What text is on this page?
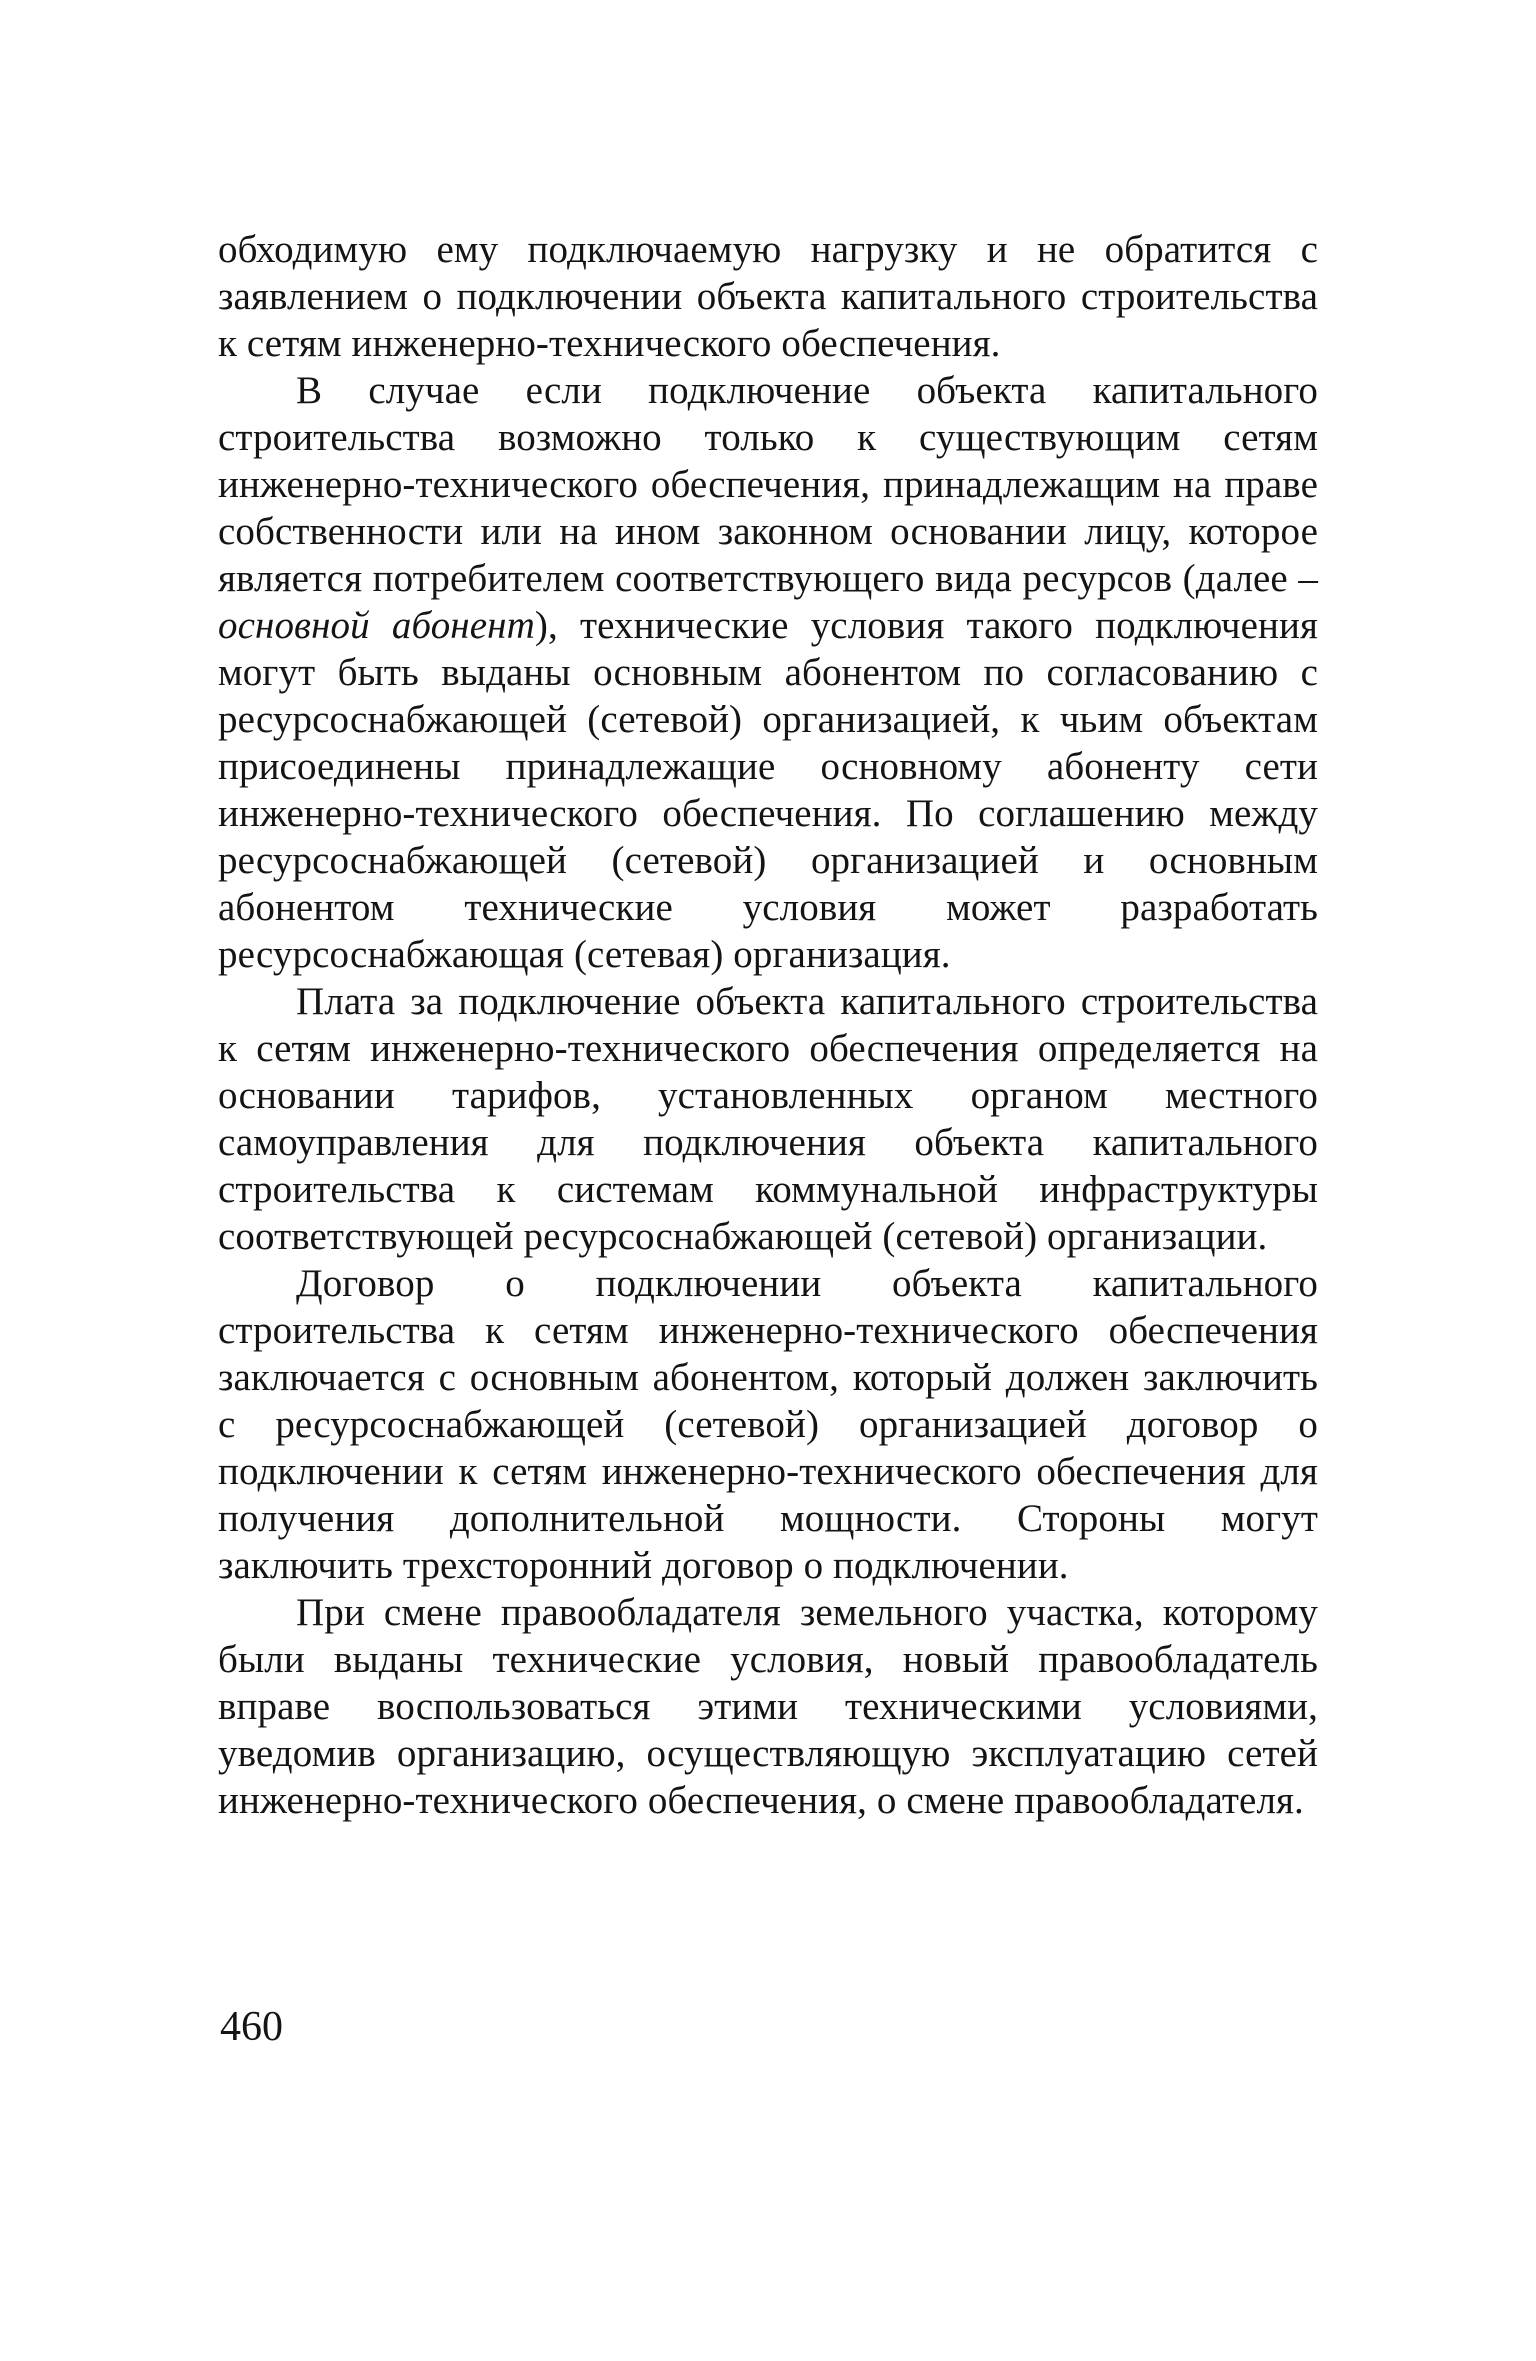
обходимую ему подключаемую нагрузку и не обратится с заявлением о подключении объекта капитального строительства к сетям инженерно-технического обеспечения.

В случае если подключение объекта капитального строительства возможно только к существующим сетям инженерно-технического обеспечения, принадлежащим на праве собственности или на ином законном основании лицу, которое является потребителем соответствующего вида ресурсов (далее – основной абонент), технические условия такого подключения могут быть выданы основным абонентом по согласованию с ресурсоснабжающей (сетевой) организацией, к чьим объектам присоединены принадлежащие основному абоненту сети инженерно-технического обеспечения. По соглашению между ресурсоснабжающей (сетевой) организацией и основным абонентом технические условия может разработать ресурсоснабжающая (сетевая) организация.

Плата за подключение объекта капитального строительства к сетям инженерно-технического обеспечения определяется на основании тарифов, установленных органом местного самоуправления для подключения объекта капитального строительства к системам коммунальной инфраструктуры соответствующей ресурсоснабжающей (сетевой) организации.

Договор о подключении объекта капитального строительства к сетям инженерно-технического обеспечения заключается с основным абонентом, который должен заключить с ресурсоснабжающей (сетевой) организацией договор о подключении к сетям инженерно-технического обеспечения для получения дополнительной мощности. Стороны могут заключить трехсторонний договор о подключении.

При смене правообладателя земельного участка, которому были выданы технические условия, новый правообладатель вправе воспользоваться этими техническими условиями, уведомив организацию, осуществляющую эксплуатацию сетей инженерно-технического обеспечения, о смене правообладателя.

460
